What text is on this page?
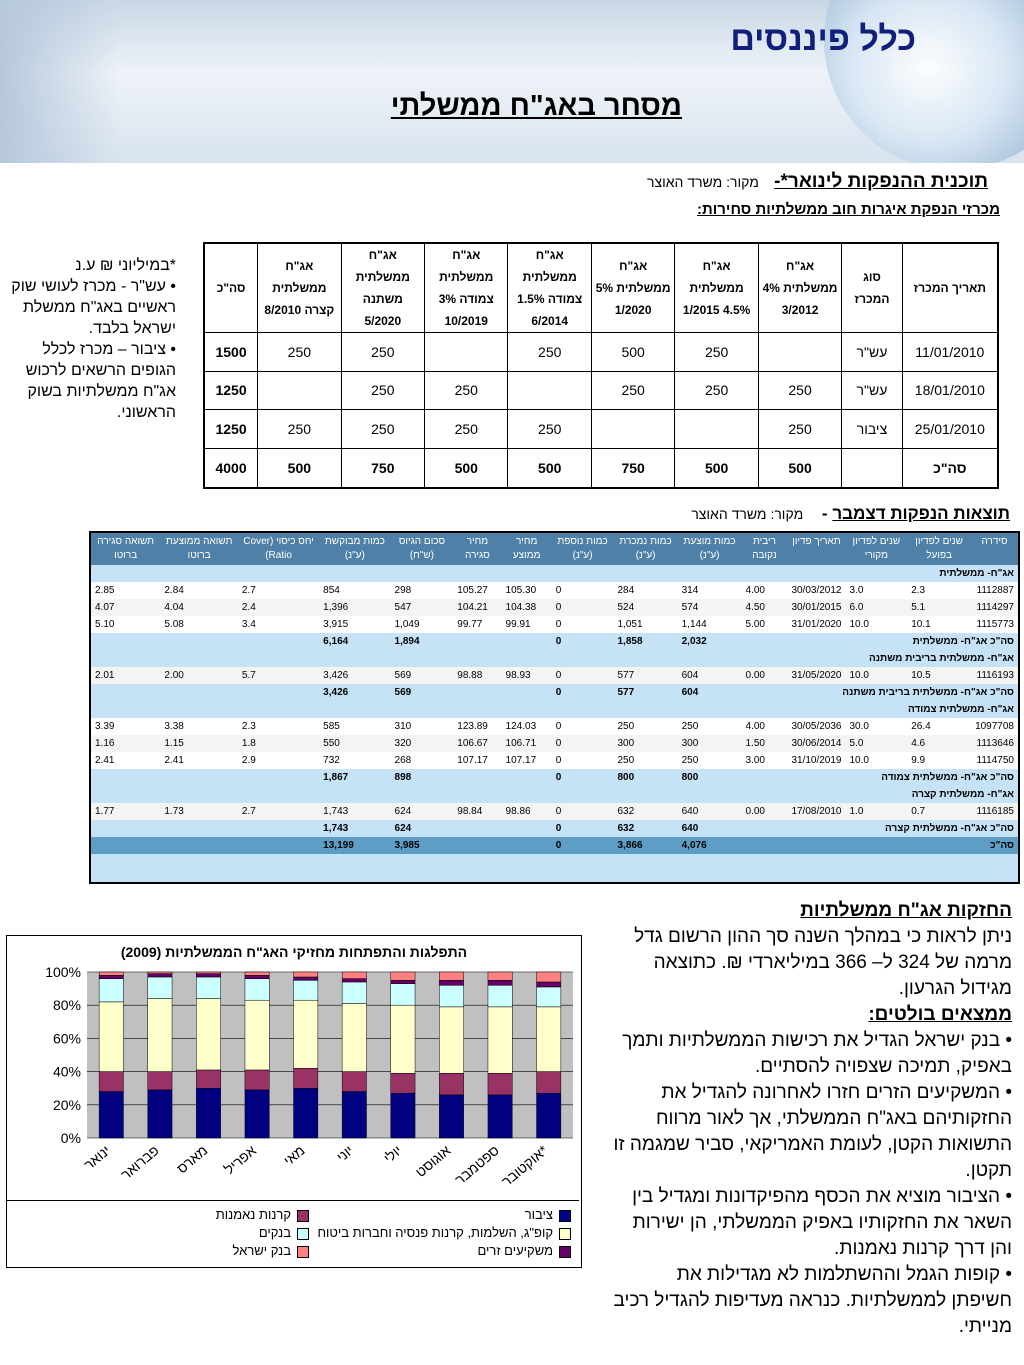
כלל פיננסים
מסחר באג"ח ממשלתי
תוכנית ההנפקות לינואר*- מקור: משרד האוצר
מכרזי הנפקת איגרות חוב ממשלתיות סחירות:
תאריך המכרז	סוג המכרז	אג"ח ממשלתית 4% 3/2012	אג"ח ממשלתית 4.5% 1/2015	אג"ח ממשלתית 5% 1/2020	אג"ח ממשלתית צמודה 1.5% 6/2014	אג"ח ממשלתית צמודה 3% 10/2019	אג"ח ממשלתית משתנה 5/2020	אג"ח ממשלתית קצרה 8/2010	סה"כ
11/01/2010	עש"ר		250	500	250		250	250	1500
18/01/2010	עש"ר	250	250	250		250	250		1250
25/01/2010	ציבור	250			250	250	250	250	1250
סה"כ		500	500	750	500	500	750	500	4000
*במיליוני ₪ ע.נ
• עש"ר - מכרז לעושי שוק ראשיים באג"ח ממשלת ישראל בלבד.
• ציבור – מכרז לכלל הגופים הרשאים לרכוש אג"ח ממשלתיות בשוק הראשוני.
תוצאות הנפקות דצמבר - מקור: משרד האוצר
סידרה	שנים לפדיון בפועל	שנים לפדיון מקורי	תאריך פדיון	ריבית נקובה	כמות מוצעת (ע"נ)	כמות נמכרת (ע"נ)	כמות נוספת (ע"נ)	מחיר ממוצע	מחיר סגירה	סכום הגיוס (ש"ח)	כמות מבוקשת (ע"נ)	יחס כיסוי (Cover Ratio)	תשואה ממוצעת ברוטו	תשואה סגירה ברוטו
אג"ח- ממשלתית														
1112887	2.3	3.0	30/03/2012	4.00	314	284	0	105.30	105.27	298	854	2.7	2.84	2.85
1114297	5.1	6.0	30/01/2015	4.50	574	524	0	104.38	104.21	547	1,396	2.4	4.04	4.07
1115773	10.1	10.0	31/01/2020	5.00	1,144	1,051	0	99.91	99.77	1,049	3,915	3.4	5.08	5.10
סה"כ אג"ח- ממשלתית					2,032	1,858	0			1,894	6,164			
אג"ח- ממשלתית בריבית משתנה														
1116193	10.5	10.0	31/05/2020	0.00	604	577	0	98.93	98.88	569	3,426	5.7	2.00	2.01
סה"כ אג"ח- ממשלתית בריבית משתנה					604	577	0			569	3,426			
אג"ח- ממשלתית צמודה														
1097708	26.4	30.0	30/05/2036	4.00	250	250	0	124.03	123.89	310	585	2.3	3.38	3.39
1113646	4.6	5.0	30/06/2014	1.50	300	300	0	106.71	106.67	320	550	1.8	1.15	1.16
1114750	9.9	10.0	31/10/2019	3.00	250	250	0	107.17	107.17	268	732	2.9	2.41	2.41
סה"כ אג"ח- ממשלתית צמודה					800	800	0			898	1,867			
אג"ח- ממשלתית קצרה														
1116185	0.7	1.0	17/08/2010	0.00	640	632	0	98.86	98.84	624	1,743	2.7	1.73	1.77
סה"כ אג"ח- ממשלתית קצרה					640	632	0			624	1,743			
סה"כ					4,076	3,866	0			3,985	13,199			
התפלגות והתפתחות מחזיקי האג"ח הממשלתיות (2009)
0%
20%
40%
60%
80%
100%
ינואר פברואר מארס אפריל מאי יוני יולי אוגוסט
ספטמבר
אוקטובר*
ציבור
קרנות נאמנות
קופ"ג, השלמות, קרנות פנסיה וחברות ביטוח
בנקים
משקיעים זרים
בנק ישראל
החזקות אג"ח ממשלתיות
ניתן לראות כי במהלך השנה סך ההון הרשום גדל מרמה של 324 ל– 366 במיליארדי ₪. כתוצאה מגידול הגרעון.
ממצאים בולטים:
• בנק ישראל הגדיל את רכישות הממשלתיות ותמך באפיק, תמיכה שצפויה להסתיים.
• המשקיעים הזרים חזרו לאחרונה להגדיל את החזקותיהם באג"ח הממשלתי, אך לאור מרווח התשואות הקטן, לעומת האמריקאי, סביר שמגמה זו תקטן.
• הציבור מוציא את הכסף מהפיקדונות ומגדיל בין השאר את החזקותיו באפיק הממשלתי, הן ישירות והן דרך קרנות נאמנות.
• קופות הגמל וההשתלמות לא מגדילות את חשיפתן לממשלתיות. כנראה מעדיפות להגדיל רכיב מנייתי.
